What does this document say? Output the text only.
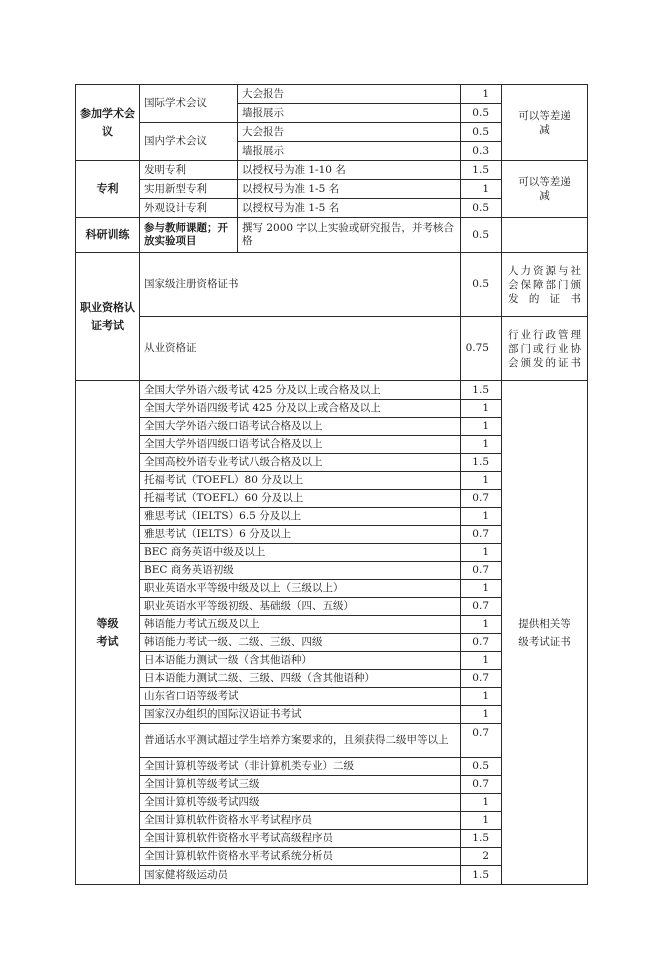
参加学术会议	国际学术会议	大会报告	1	可以等差递减
		墙报展示	0.5	
	国内学术会议	大会报告	0.5	
		墙报展示	0.3	
专利	发明专利	以授权号为准 1-10 名	1.5	可以等差递减
	实用新型专利	以授权号为准 1-5 名	1	
	外观设计专利	以授权号为准 1-5 名	0.5	
科研训练	参与教师课题；开放实验项目	撰写 2000 字以上实验或研究报告，并考核合格	0.5	
职业资格认证考试	国家级注册资格证书		0.5	人力资源与社会保障部门颁发的证书
	从业资格证		0.75	行业行政管理部门或行业协会颁发的证书
等级考试	全国大学外语六级考试 425 分及以上或合格及以上		1.5	提供相关等级考试证书
	全国大学外语四级考试 425 分及以上或合格及以上		1	
	全国大学外语六级口语考试合格及以上		1	
	全国大学外语四级口语考试合格及以上		1	
	全国高校外语专业考试八级合格及以上		1.5	
	托福考试（TOEFL）80 分及以上		1	
	托福考试（TOEFL）60 分及以上		0.7	
	雅思考试（IELTS）6.5 分及以上		1	
	雅思考试（IELTS）6 分及以上		0.7	
	BEC 商务英语中级及以上		1	
	BEC 商务英语初级		0.7	
	职业英语水平等级中级及以上（三级以上）		1	
	职业英语水平等级初级、基础级（四、五级）		0.7	
	韩语能力考试五级及以上		1	
	韩语能力考试一级、二级、三级、四级		0.7	
	日本语能力测试一级（含其他语种）		1	
	日本语能力测试二级、三级、四级（含其他语种）		0.7	
	山东省口语等级考试		1	
	国家汉办组织的国际汉语证书考试		1	
	普通话水平测试超过学生培养方案要求的，且须获得二级甲等以上		0.7	
	全国计算机等级考试（非计算机类专业）二级		0.5	
	全国计算机等级考试三级		0.7	
	全国计算机等级考试四级		1	
	全国计算机软件资格水平考试程序员		1	
	全国计算机软件资格水平考试高级程序员		1.5	
	全国计算机软件资格水平考试系统分析员		2	
	国家健将级运动员		1.5	
